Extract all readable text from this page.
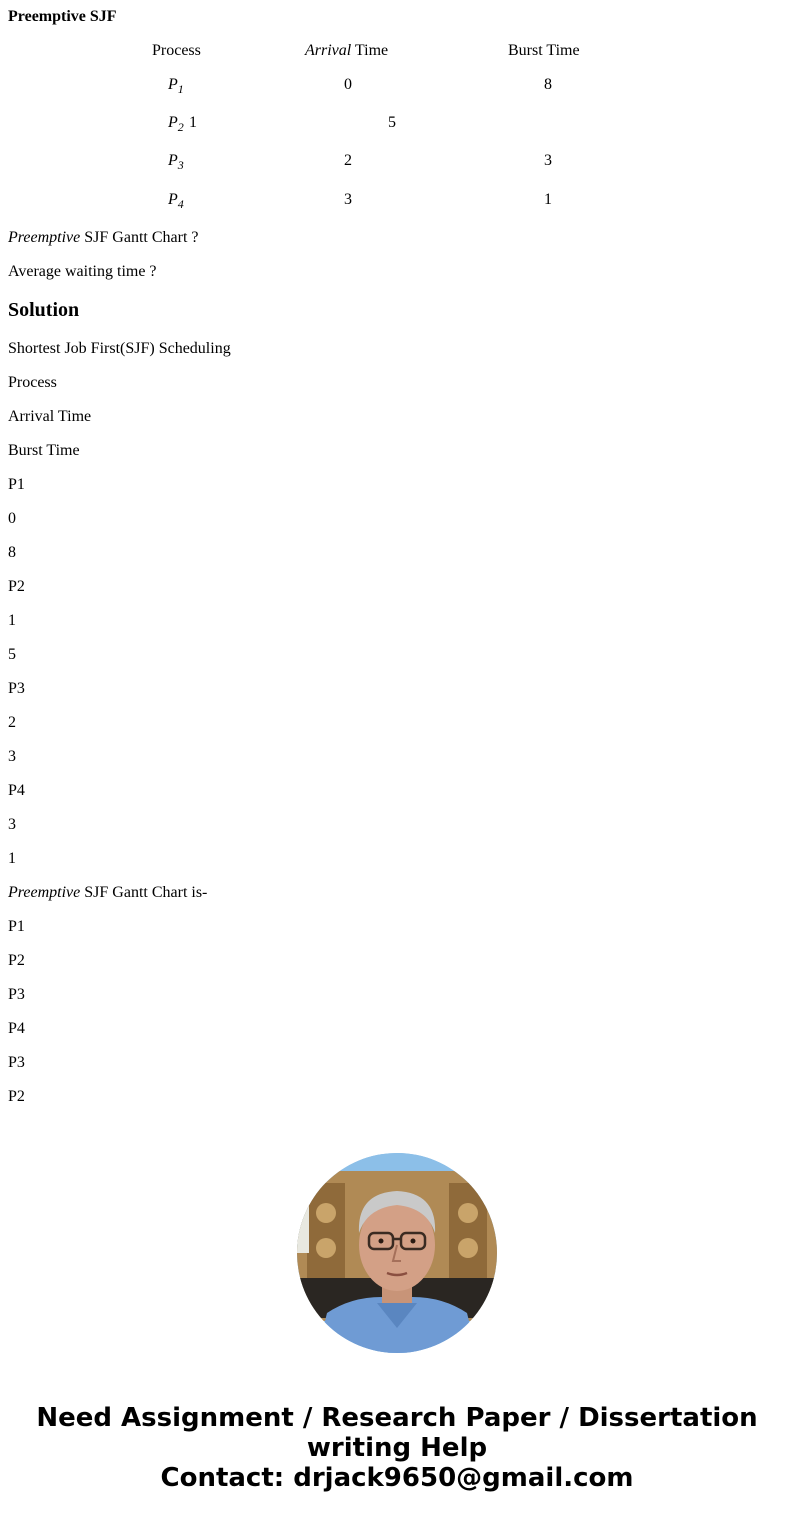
Preemptive SJF
Process	Arrival Time	Burst Time
$P_1$	0	8
$P_2$ 1	5
$P_3$	2	3
$P_4$	3	1
Preemptive SJF Gantt Chart ?
Average waiting time ?
Solution
Shortest Job First(SJF) Scheduling
Process
Arrival Time
Burst Time
P1
0
8
P2
1
5
P3
2
3
P4
3
1
Preemptive SJF Gantt Chart is-
P1
P2
P3
P4
P3
P2
Need Assignment / Research Paper / Dissertation
writing Help
Contact: drjack9650@gmail.com
